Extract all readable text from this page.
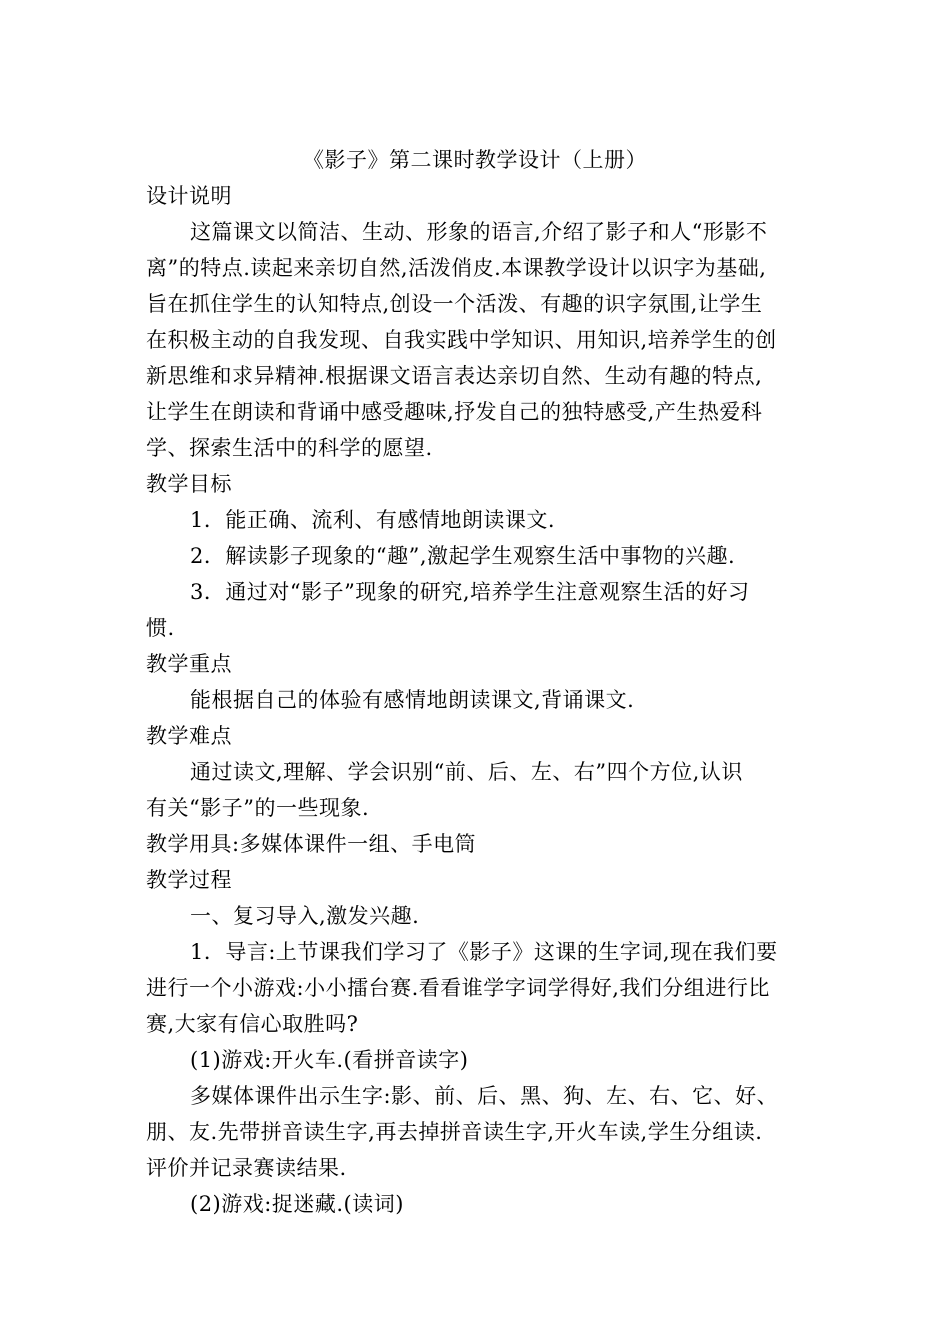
《影子》第二课时教学设计（上册）
设计说明
这篇课文以简洁、生动、形象的语言,介绍了影子和人“形影不
离”的特点.读起来亲切自然,活泼俏皮.本课教学设计以识字为基础,
旨在抓住学生的认知特点,创设一个活泼、有趣的识字氛围,让学生
在积极主动的自我发现、自我实践中学知识、用知识,培养学生的创
新思维和求异精神.根据课文语言表达亲切自然、生动有趣的特点,
让学生在朗读和背诵中感受趣味,抒发自己的独特感受,产生热爱科
学、探索生活中的科学的愿望.
教学目标
1．能正确、流利、有感情地朗读课文.
2．解读影子现象的“趣”,激起学生观察生活中事物的兴趣.
3．通过对“影子”现象的研究,培养学生注意观察生活的好习
惯.
教学重点
能根据自己的体验有感情地朗读课文,背诵课文.
教学难点
通过读文,理解、学会识别“前、后、左、右”四个方位,认识
有关“影子”的一些现象.
教学用具:多媒体课件一组、手电筒
教学过程
一、复习导入,激发兴趣.
1．导言:上节课我们学习了《影子》这课的生字词,现在我们要
进行一个小游戏:小小擂台赛.看看谁学字词学得好,我们分组进行比
赛,大家有信心取胜吗?
(1)游戏:开火车.(看拼音读字)
多媒体课件出示生字:影、前、后、黑、狗、左、右、它、好、
朋、友.先带拼音读生字,再去掉拼音读生字,开火车读,学生分组读.
评价并记录赛读结果.
(2)游戏:捉迷藏.(读词)
